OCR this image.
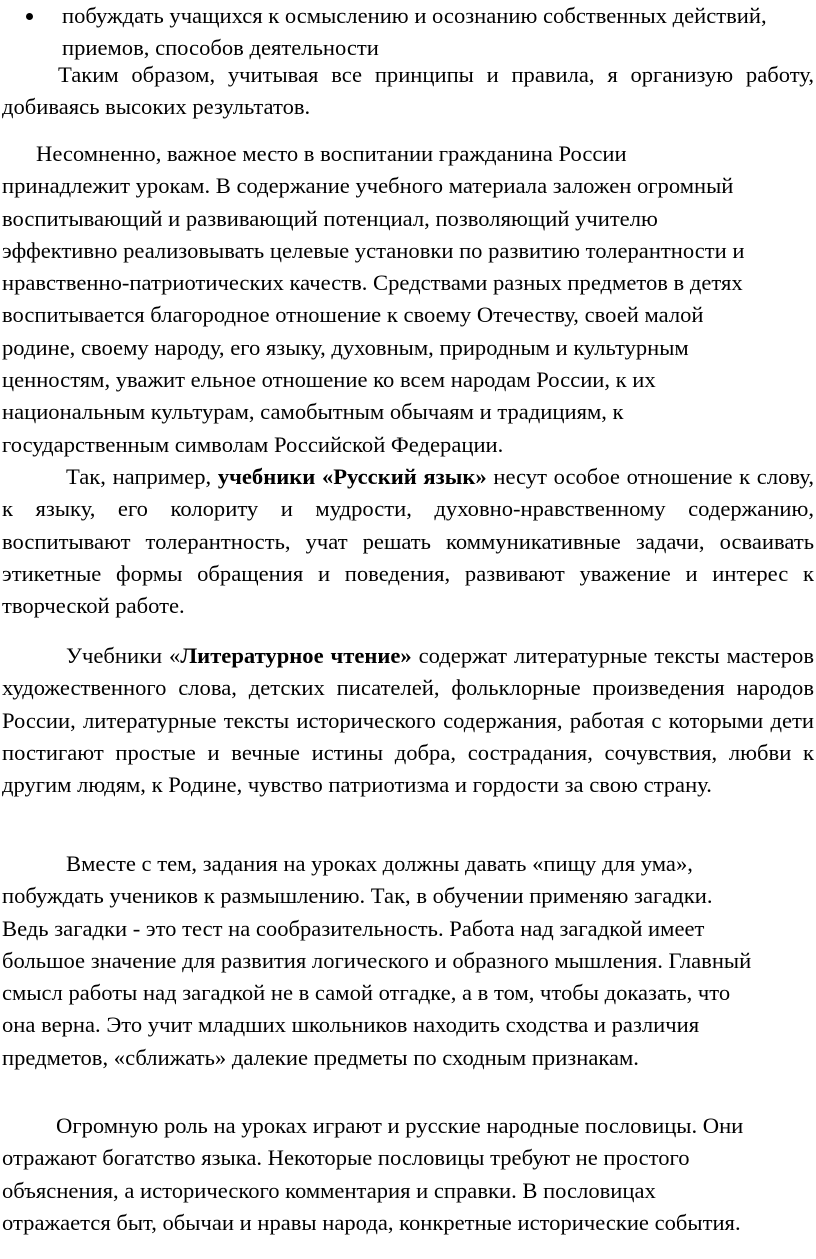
побуждать учащихся к осмыслению и осознанию собственных действий, приемов, способов деятельности

Таким образом, учитывая все принципы и правила, я организую работу, добиваясь высоких результатов.

Несомненно, важное место в воспитании гражданина России
принадлежит урокам. В содержание учебного материала заложен огромный
воспитывающий и развивающий потенциал, позволяющий учителю
эффективно реализовывать целевые установки по развитию толерантности и
нравственно-патриотических качеств. Средствами разных предметов в детях
воспитывается благородное отношение к своему Отечеству, своей малой
родине, своему народу, его языку, духовным, природным и культурным
ценностям, уважит ельное отношение ко всем народам России, к их
национальным культурам, самобытным обычаям и традициям, к
государственным символам Российской Федерации.

Так, например, учебники «Русский язык» несут особое отношение к слову, к языку, его колориту и мудрости, духовно-нравственному содержанию, воспитывают толерантность, учат решать коммуникативные задачи, осваивать этикетные формы обращения и поведения, развивают уважение и интерес к творческой работе.

Учебники «Литературное чтение» содержат литературные тексты мастеров художественного слова, детских писателей, фольклорные произведения народов России, литературные тексты исторического содержания, работая с которыми дети постигают простые и вечные истины добра, сострадания, сочувствия, любви к другим людям, к Родине, чувство патриотизма и гордости за свою страну.

Вместе с тем, задания на уроках должны давать «пищу для ума»,
побуждать учеников к размышлению. Так, в обучении применяю загадки.
Ведь загадки - это тест на сообразительность. Работа над загадкой имеет
большое значение для развития логического и образного мышления. Главный
смысл работы над загадкой не в самой отгадке, а в том, чтобы доказать, что
она верна. Это учит младших школьников находить сходства и различия
предметов, «сближать» далекие предметы по сходным признакам.
Огромную роль на уроках играют и русские народные пословицы. Они
отражают богатство языка. Некоторые пословицы требуют не простого
объяснения, а исторического комментария и справки. В пословицах
отражается быт, обычаи и нравы народа, конкретные исторические события.
